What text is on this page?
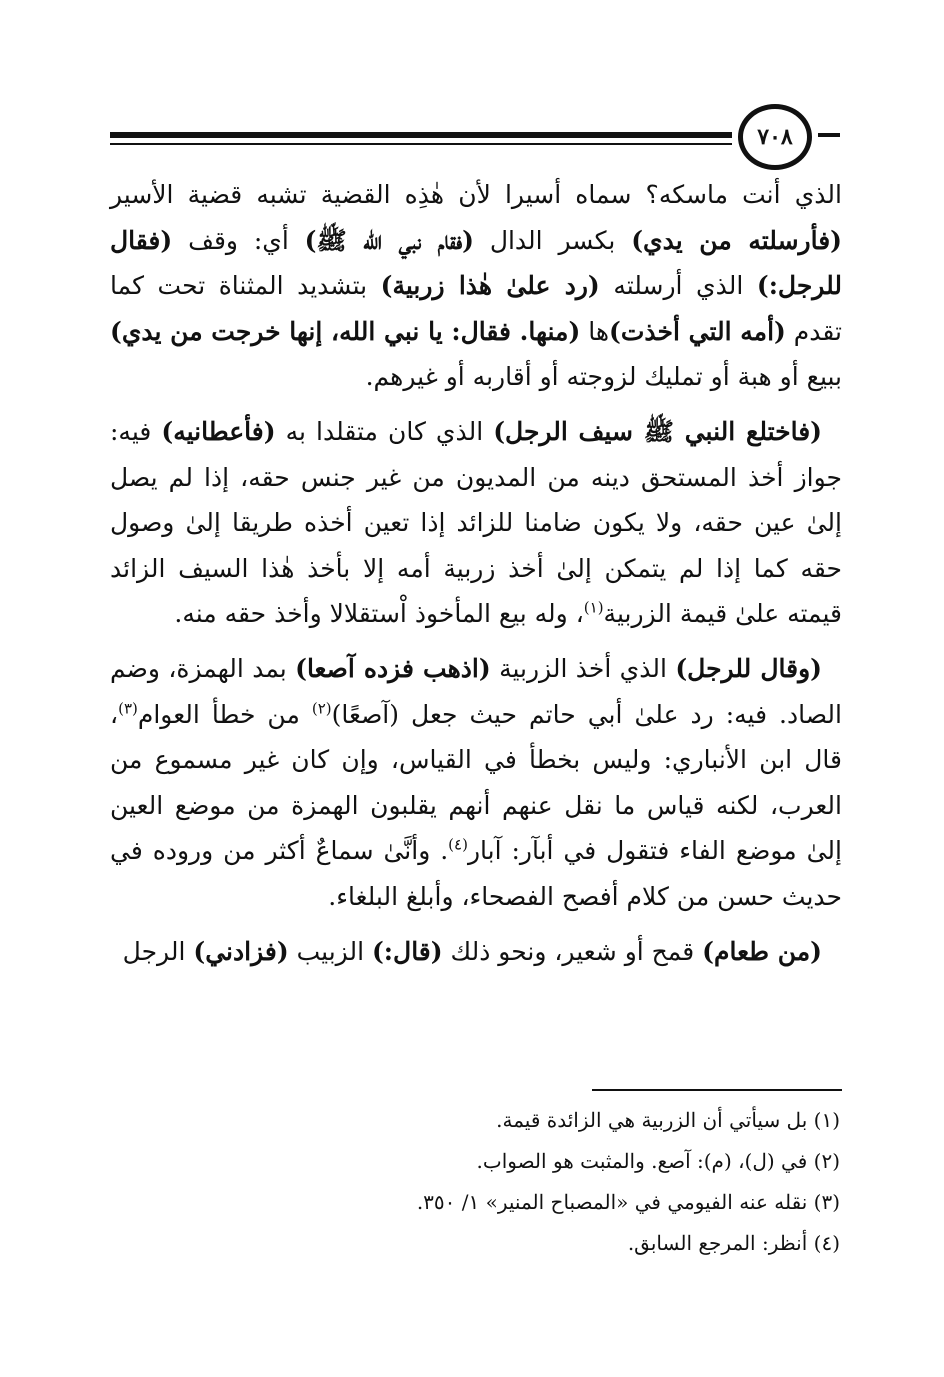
٧٠٨

الذي أنت ماسكه؟ سماه أسيرا لأن هٰذِه القضية تشبه قضية الأسير (فأرسلته من يدي) بكسر الدال (فقام نبي الله ﷺ) أي: وقف (فقال للرجل:) الذي أرسلته (رد علىٰ هٰذا زربية) بتشديد المثناة تحت كما تقدم (أمه التي أخذت)ها (منها. فقال: يا نبي الله، إنها خرجت من يدي) ببيع أو هبة أو تمليك لزوجته أو أقاربه أو غيرهم.

(فاختلع النبي ﷺ سيف الرجل) الذي كان متقلدا به (فأعطانيه) فيه: جواز أخذ المستحق دينه من المديون من غير جنس حقه، إذا لم يصل إلىٰ عين حقه، ولا يكون ضامنا للزائد إذا تعين أخذه طريقا إلىٰ وصول حقه كما إذا لم يتمكن إلىٰ أخذ زربية أمه إلا بأخذ هٰذا السيف الزائد قيمته علىٰ قيمة الزربية$^{(١)}$، وله بيع المأخوذ اْستقلالا وأخذ حقه منه.

(وقال للرجل) الذي أخذ الزربية (اذهب فزده آصعا) بمد الهمزة، وضم الصاد. فيه: رد علىٰ أبي حاتم حيث جعل (آصعًا)$^{(٢)}$ من خطأ العوام$^{(٣)}$، قال ابن الأنباري: وليس بخطأ في القياس، وإن كان غير مسموع من العرب، لكنه قياس ما نقل عنهم أنهم يقلبون الهمزة من موضع العين إلىٰ موضع الفاء فتقول في أبآر: آبار$^{(٤)}$. وأنَّىٰ سماعٌ أكثر من وروده في حديث حسن من كلام أفصح الفصحاء، وأبلغ البلغاء.

(من طعام) قمح أو شعير، ونحو ذلك (قال:) الزبيب (فزادني) الرجل

(١) بل سيأتي أن الزربية هي الزائدة قيمة.
(٢) في (ل)، (م): آصع. والمثبت هو الصواب.
(٣) نقله عنه الفيومي في «المصباح المنير» ١/ ٣٥٠.
(٤) أنظر: المرجع السابق.
